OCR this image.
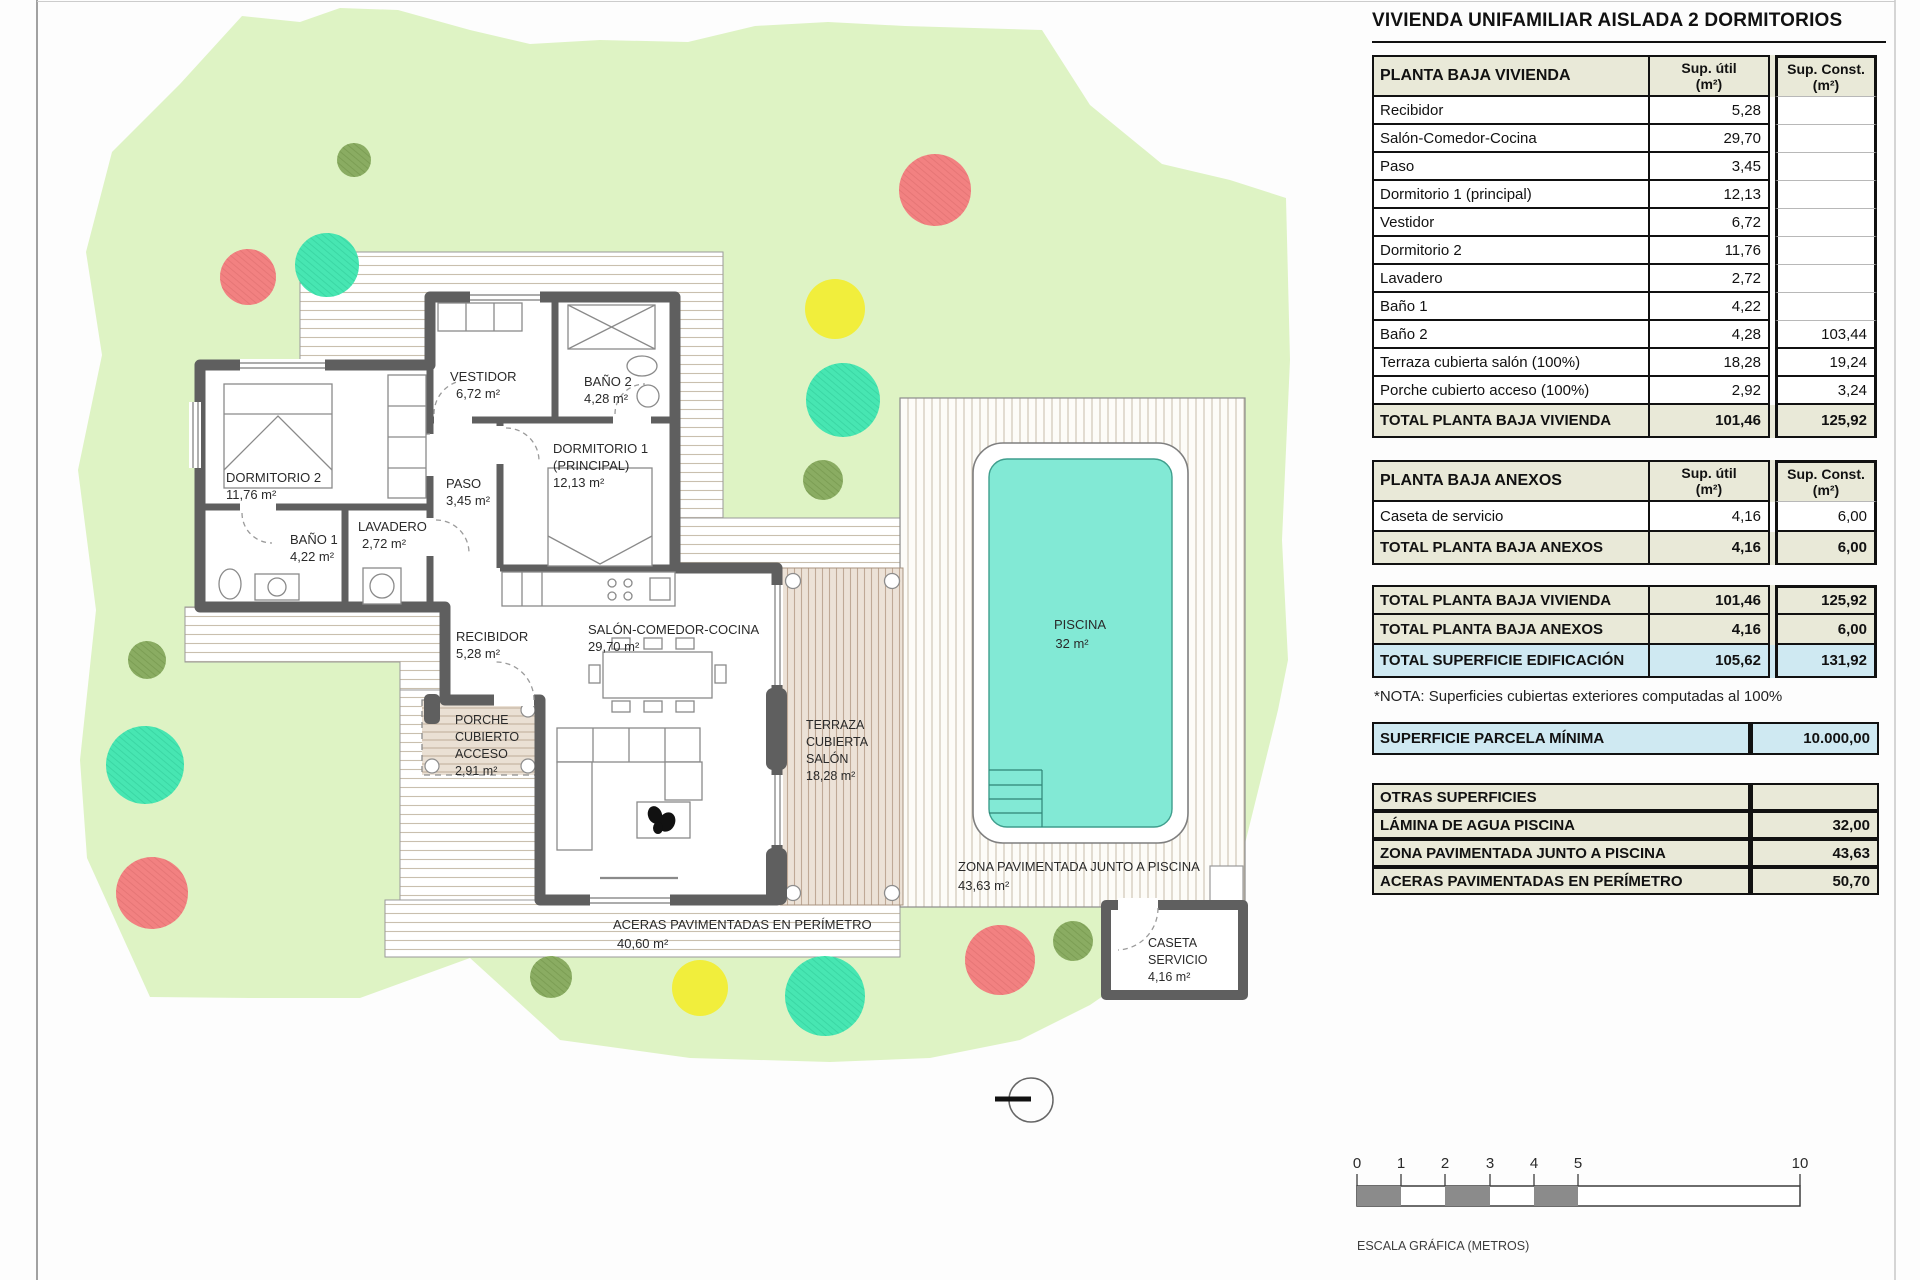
DORMITORIO 2
11,76 m²
BAÑO 1
4,22 m²
LAVADERO
2,72 m²
PASO
3,45 m²
VESTIDOR
6,72 m²
BAÑO 2
4,28 m²
DORMITORIO 1
(PRINCIPAL)
12,13 m²
RECIBIDOR
5,28 m²
SALÓN-COMEDOR-COCINA
29,70 m²
PORCHE
CUBIERTO
ACCESO
2,91 m²
TERRAZA
CUBIERTA
SALÓN
18,28 m²
PISCINA
32 m²
ZONA PAVIMENTADA JUNTO A PISCINA
43,63 m²
CASETA
SERVICIO
4,16 m²
ACERAS PAVIMENTADAS EN PERÍMETRO
40,60 m²
0 1 2 3 4 5	10
ESCALA GRÁFICA (METROS)
VIVIENDA UNIFAMILIAR AISLADA 2 DORMITORIOS
PLANTA BAJA VIVIENDA	Sup. útil
(m²)
Sup. Const.
(m²)
Recibidor	5,28
Salón-Comedor-Cocina	29,70
Paso	3,45
Dormitorio 1 (principal)	12,13
Vestidor	6,72
Dormitorio 2	11,76
Lavadero	2,72
Baño 1	4,22
Baño 2	4,28	103,44
Terraza cubierta salón (100%)	18,28	19,24
Porche cubierto acceso (100%)	2,92	3,24
TOTAL PLANTA BAJA VIVIENDA	101,46	125,92
PLANTA BAJA ANEXOS	Sup. útil
(m²)
Sup. Const.
(m²)
Caseta de servicio	4,16	6,00
TOTAL PLANTA BAJA ANEXOS	4,16	6,00
TOTAL PLANTA BAJA VIVIENDA	101,46	125,92
TOTAL PLANTA BAJA ANEXOS	4,16	6,00
TOTAL SUPERFICIE EDIFICACIÓN	105,62	131,92
*NOTA: Superficies cubiertas exteriores computadas al 100%
SUPERFICIE PARCELA MÍNIMA	10.000,00
OTRAS SUPERFICIES
LÁMINA DE AGUA PISCINA	32,00
ZONA PAVIMENTADA JUNTO A PISCINA	43,63
ACERAS PAVIMENTADAS EN PERÍMETRO	50,70
